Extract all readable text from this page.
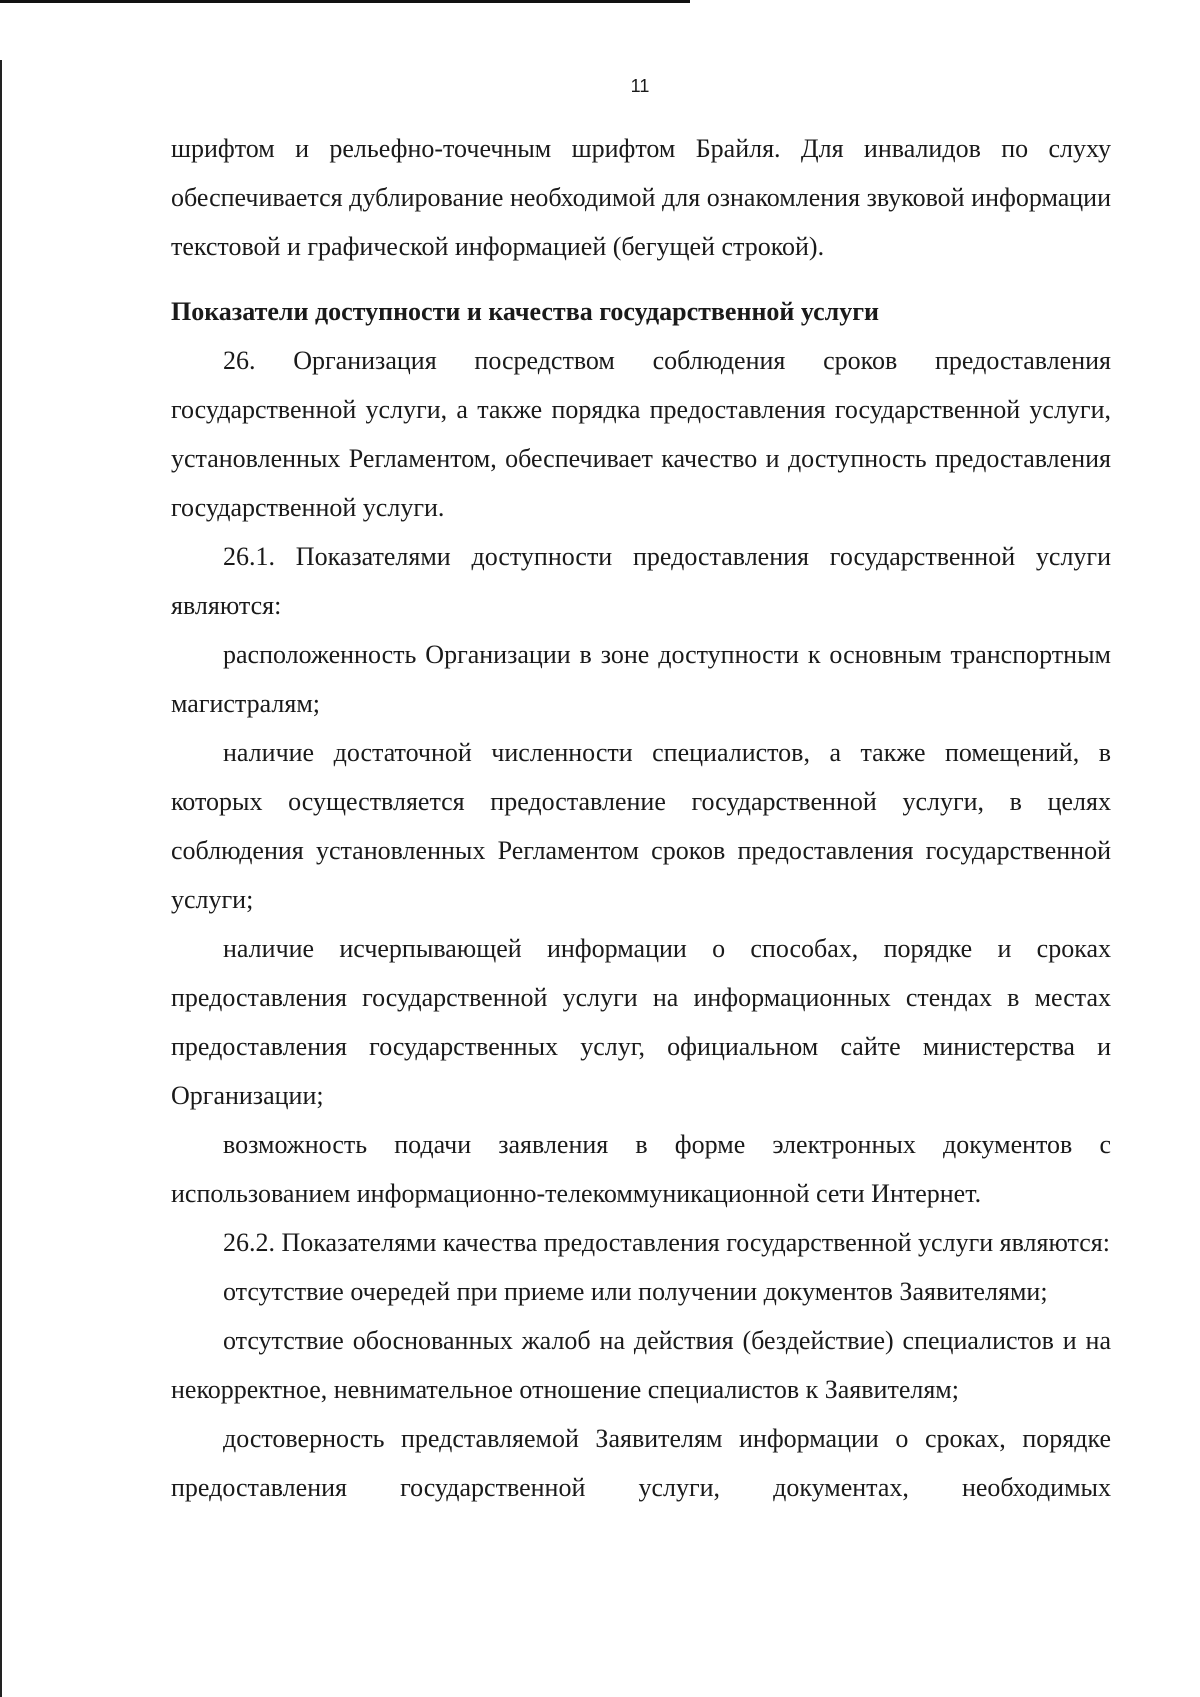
11

шрифтом и рельефно-точечным шрифтом Брайля. Для инвалидов по слуху обеспечивается дублирование необходимой для ознакомления звуковой информации текстовой и графической информацией (бегущей строкой).

Показатели доступности и качества государственной услуги

26. Организация посредством соблюдения сроков предоставления государственной услуги, а также порядка предоставления государственной услуги, установленных Регламентом, обеспечивает качество и доступность предоставления государственной услуги.

26.1. Показателями доступности предоставления государственной услуги являются:

расположенность Организации в зоне доступности к основным транспортным магистралям;

наличие достаточной численности специалистов, а также помещений, в которых осуществляется предоставление государственной услуги, в целях соблюдения установленных Регламентом сроков предоставления государственной услуги;

наличие исчерпывающей информации о способах, порядке и сроках предоставления государственной услуги на информационных стендах в местах предоставления государственных услуг, официальном сайте министерства и Организации;

возможность подачи заявления в форме электронных документов с использованием информационно-телекоммуникационной сети Интернет.

26.2. Показателями качества предоставления государственной услуги являются:

отсутствие очередей при приеме или получении документов Заявителями;

отсутствие обоснованных жалоб на действия (бездействие) специалистов и на некорректное, невнимательное отношение специалистов к Заявителям;

достоверность представляемой Заявителям информации о сроках, порядке предоставления государственной услуги, документах, необходимых
